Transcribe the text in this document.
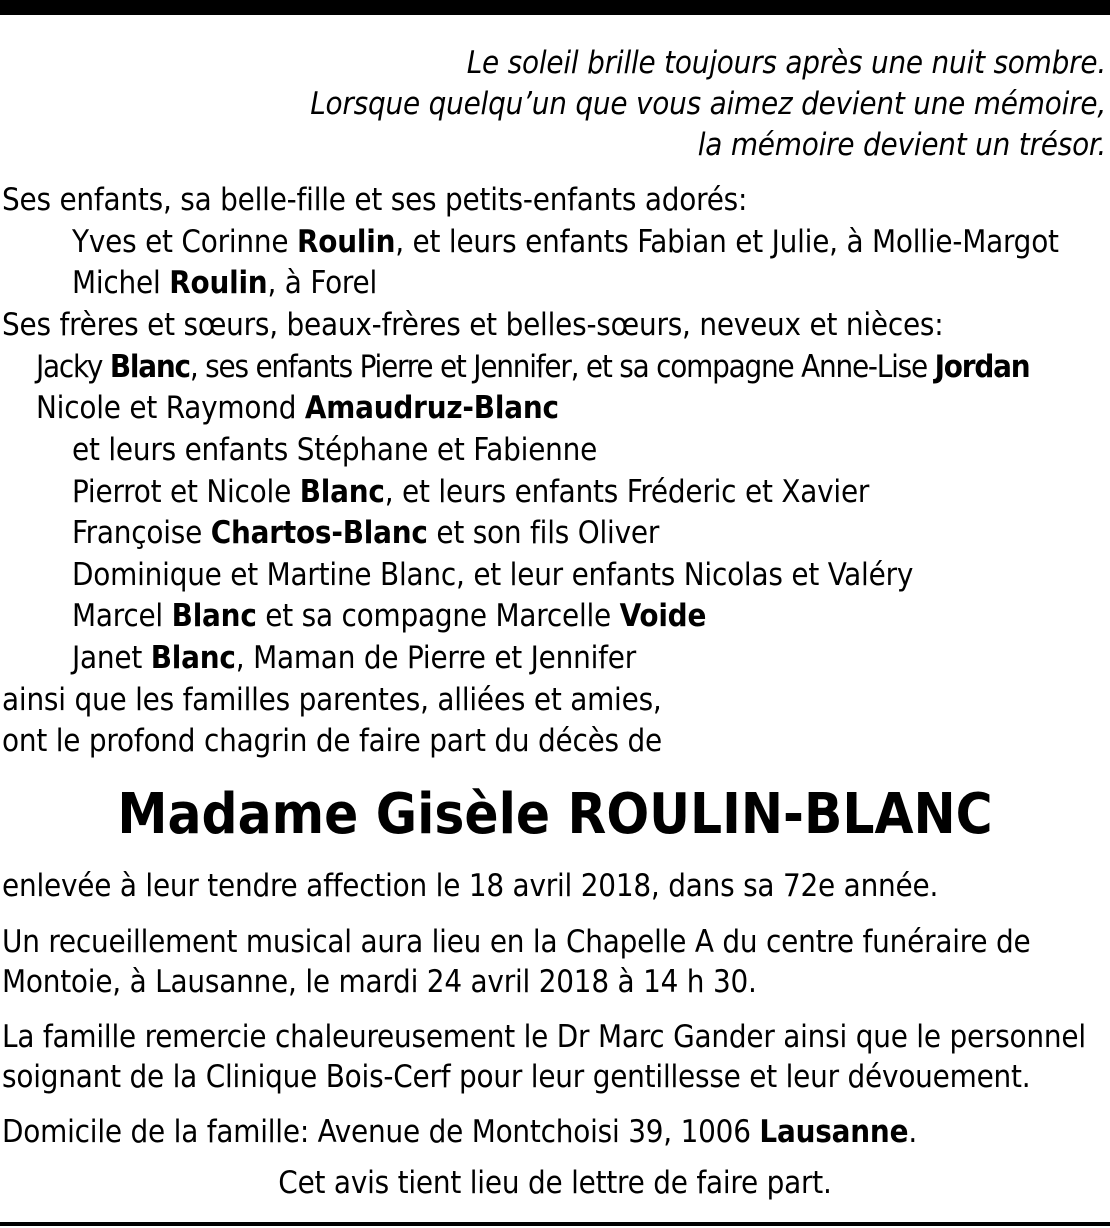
Le soleil brille toujours après une nuit sombre.
Lorsque quelqu’un que vous aimez devient une mémoire,
la mémoire devient un trésor.
Ses enfants, sa belle-fille et ses petits-enfants adorés:
Yves et Corinne Roulin, et leurs enfants Fabian et Julie, à Mollie-Margot
Michel Roulin, à Forel
Ses frères et sœurs, beaux-frères et belles-sœurs, neveux et nièces:
Jacky Blanc, ses enfants Pierre et Jennifer, et sa compagne Anne-Lise Jordan
Nicole et Raymond Amaudruz-Blanc
et leurs enfants Stéphane et Fabienne
Pierrot et Nicole Blanc, et leurs enfants Fréderic et Xavier
Françoise Chartos-Blanc et son fils Oliver
Dominique et Martine Blanc, et leur enfants Nicolas et Valéry
Marcel Blanc et sa compagne Marcelle Voide
Janet Blanc, Maman de Pierre et Jennifer
ainsi que les familles parentes, alliées et amies,
ont le profond chagrin de faire part du décès de
Madame Gisèle ROULIN-BLANC
enlevée à leur tendre affection le 18 avril 2018, dans sa 72e année.
Un recueillement musical aura lieu en la Chapelle A du centre funéraire de
Montoie, à Lausanne, le mardi 24 avril 2018 à 14 h 30.
La famille remercie chaleureusement le Dr Marc Gander ainsi que le personnel
soignant de la Clinique Bois-Cerf pour leur gentillesse et leur dévouement.
Domicile de la famille: Avenue de Montchoisi 39, 1006 Lausanne.
Cet avis tient lieu de lettre de faire part.
